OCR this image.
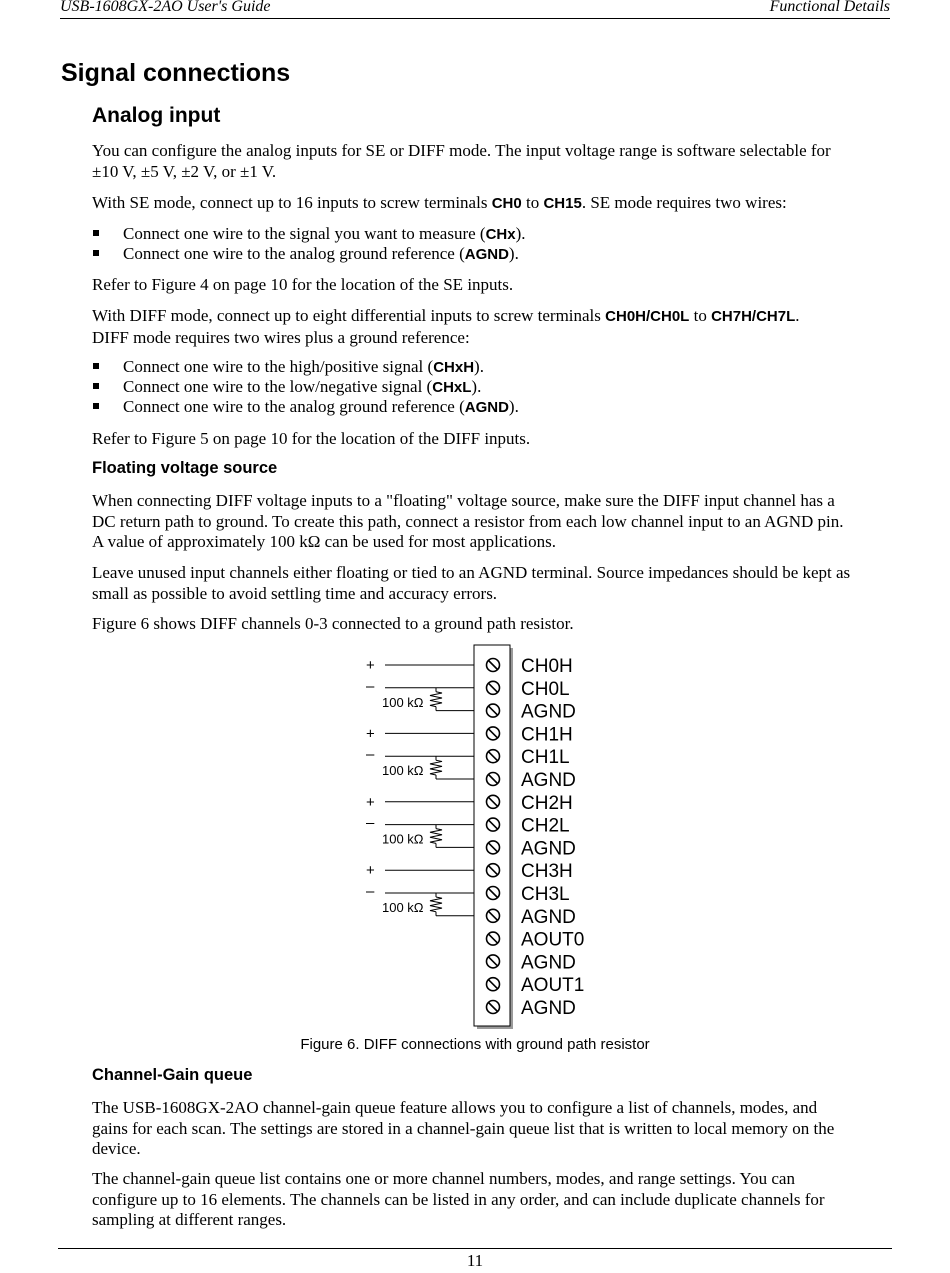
USB-1608GX-2AO User's Guide	Functional Details
Signal connections
Analog input

You can configure the analog inputs for SE or DIFF mode. The input voltage range is software selectable for
±10 V, ±5 V, ±2 V, or ±1 V.

With SE mode, connect up to 16 inputs to screw terminals CH0 to CH15. SE mode requires two wires:

Connect one wire to the signal you want to measure (CHx).
Connect one wire to the analog ground reference (AGND).

Refer to Figure 4 on page 10 for the location of the SE inputs.

With DIFF mode, connect up to eight differential inputs to screw terminals CH0H/CH0L to CH7H/CH7L.
DIFF mode requires two wires plus a ground reference:

Connect one wire to the high/positive signal (CHxH).
Connect one wire to the low/negative signal (CHxL).
Connect one wire to the analog ground reference (AGND).

Refer to Figure 5 on page 10 for the location of the DIFF inputs.

Floating voltage source

When connecting DIFF voltage inputs to a "floating" voltage source, make sure the DIFF input channel has a
DC return path to ground. To create this path, connect a resistor from each low channel input to an AGND pin.
A value of approximately 100 kΩ can be used for most applications.

Leave unused input channels either floating or tied to an AGND terminal. Source impedances should be kept as
small as possible to avoid settling time and accuracy errors.

Figure 6 shows DIFF channels 0-3 connected to a ground path resistor.

CH0H
CH0L
AGND
CH1H
CH1L
AGND
CH2H
CH2L
AGND
CH3H
CH3L
AGND
AOUT0
AGND
AOUT1
AGND
+
–
100 kΩ
+
–
100 kΩ
+
–
100 kΩ
+
–
100 kΩ
Figure 6. DIFF connections with ground path resistor
Channel-Gain queue

The USB-1608GX-2AO channel-gain queue feature allows you to configure a list of channels, modes, and
gains for each scan. The settings are stored in a channel-gain queue list that is written to local memory on the
device.

The channel-gain queue list contains one or more channel numbers, modes, and range settings. You can
configure up to 16 elements. The channels can be listed in any order, and can include duplicate channels for
sampling at different ranges.

11
